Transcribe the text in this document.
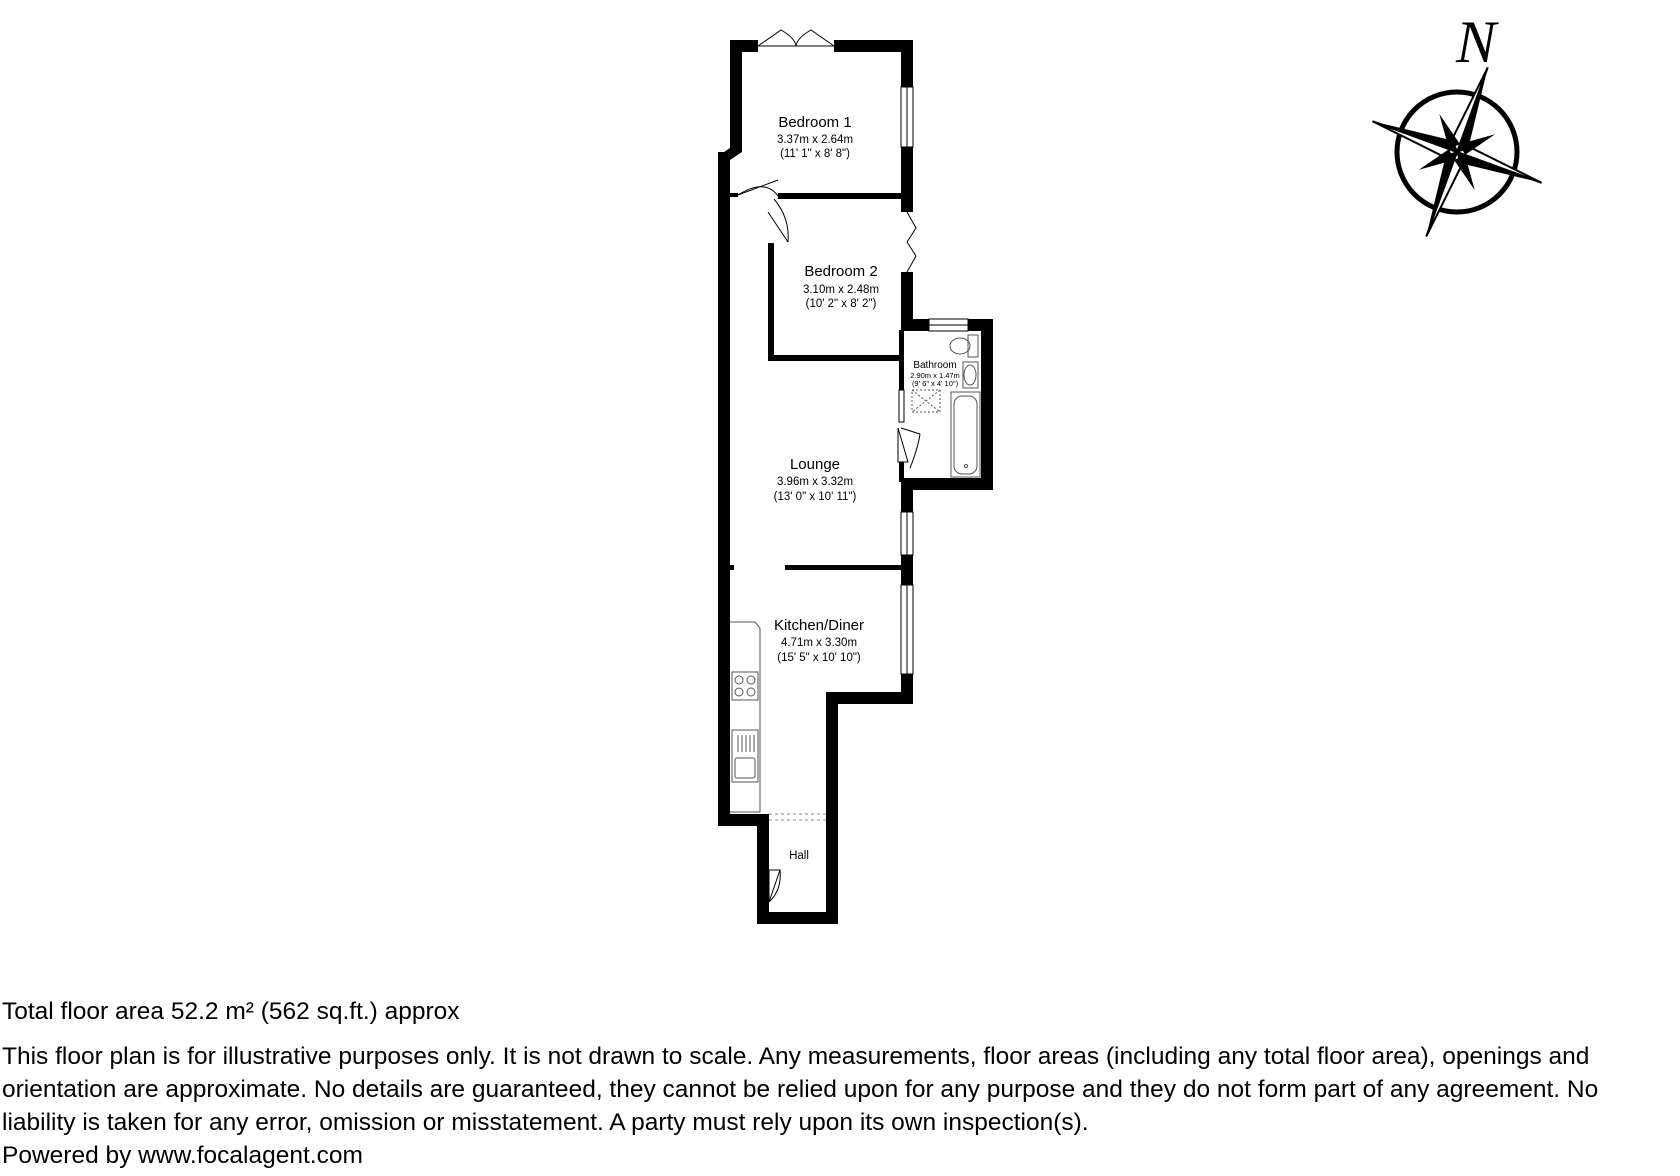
Bedroom 1
3.37m x 2.64m
(11' 1" x 8' 8")
Bedroom 2
3.10m x 2.48m
(10' 2" x 8' 2")
Bathroom
2.90m x 1.47m
(9' 6" x 4' 10")
Lounge
3.96m x 3.32m
(13' 0" x 10' 11")
Kitchen/Diner
4.71m x 3.30m
(15' 5" x 10' 10")
Hall
N

Total floor area 52.2 m² (562 sq.ft.) approx

This floor plan is for illustrative purposes only. It is not drawn to scale. Any measurements, floor areas (including any total floor area), openings and orientation are approximate. No details are guaranteed, they cannot be relied upon for any purpose and they do not form part of any agreement. No liability is taken for any error, omission or misstatement. A party must rely upon its own inspection(s).

Powered by www.focalagent.com
